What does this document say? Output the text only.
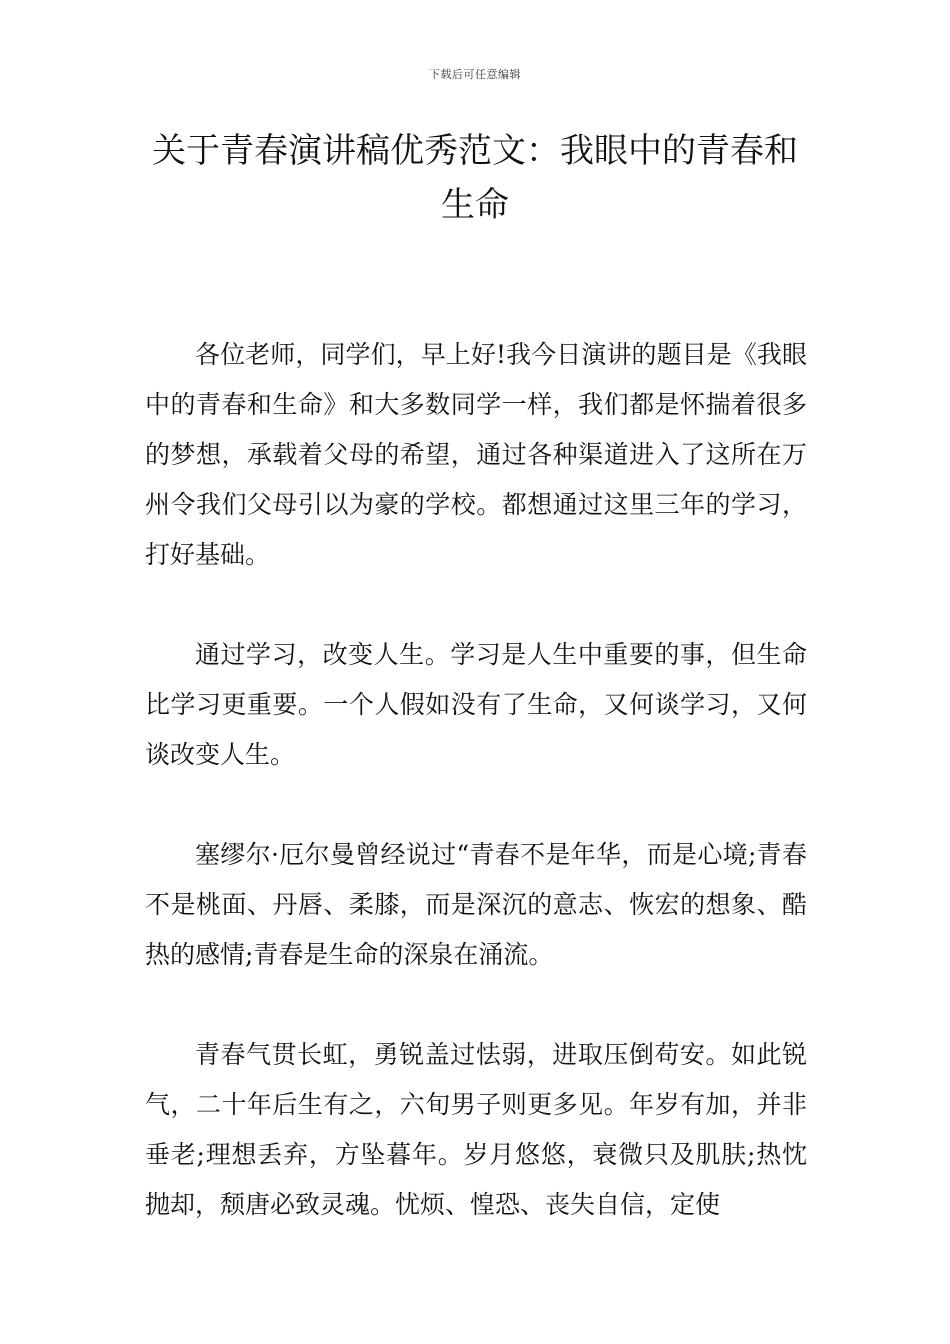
下载后可任意编辑
关于青春演讲稿优秀范文：我眼中的青春和生命

各位老师，同学们，早上好!我今日演讲的题目是《我眼中的青春和生命》和大多数同学一样，我们都是怀揣着很多的梦想，承载着父母的希望，通过各种渠道进入了这所在万州令我们父母引以为豪的学校。都想通过这里三年的学习，打好基础。

通过学习，改变人生。学习是人生中重要的事，但生命比学习更重要。一个人假如没有了生命，又何谈学习，又何谈改变人生。

塞缪尔·厄尔曼曾经说过“青春不是年华，而是心境;青春不是桃面、丹唇、柔膝，而是深沉的意志、恢宏的想象、酷热的感情;青春是生命的深泉在涌流。

青春气贯长虹，勇锐盖过怯弱，进取压倒苟安。如此锐气，二十年后生有之，六旬男子则更多见。年岁有加，并非垂老;理想丢弃，方坠暮年。岁月悠悠，衰微只及肌肤;热忱抛却，颓唐必致灵魂。忧烦、惶恐、丧失自信，定使
